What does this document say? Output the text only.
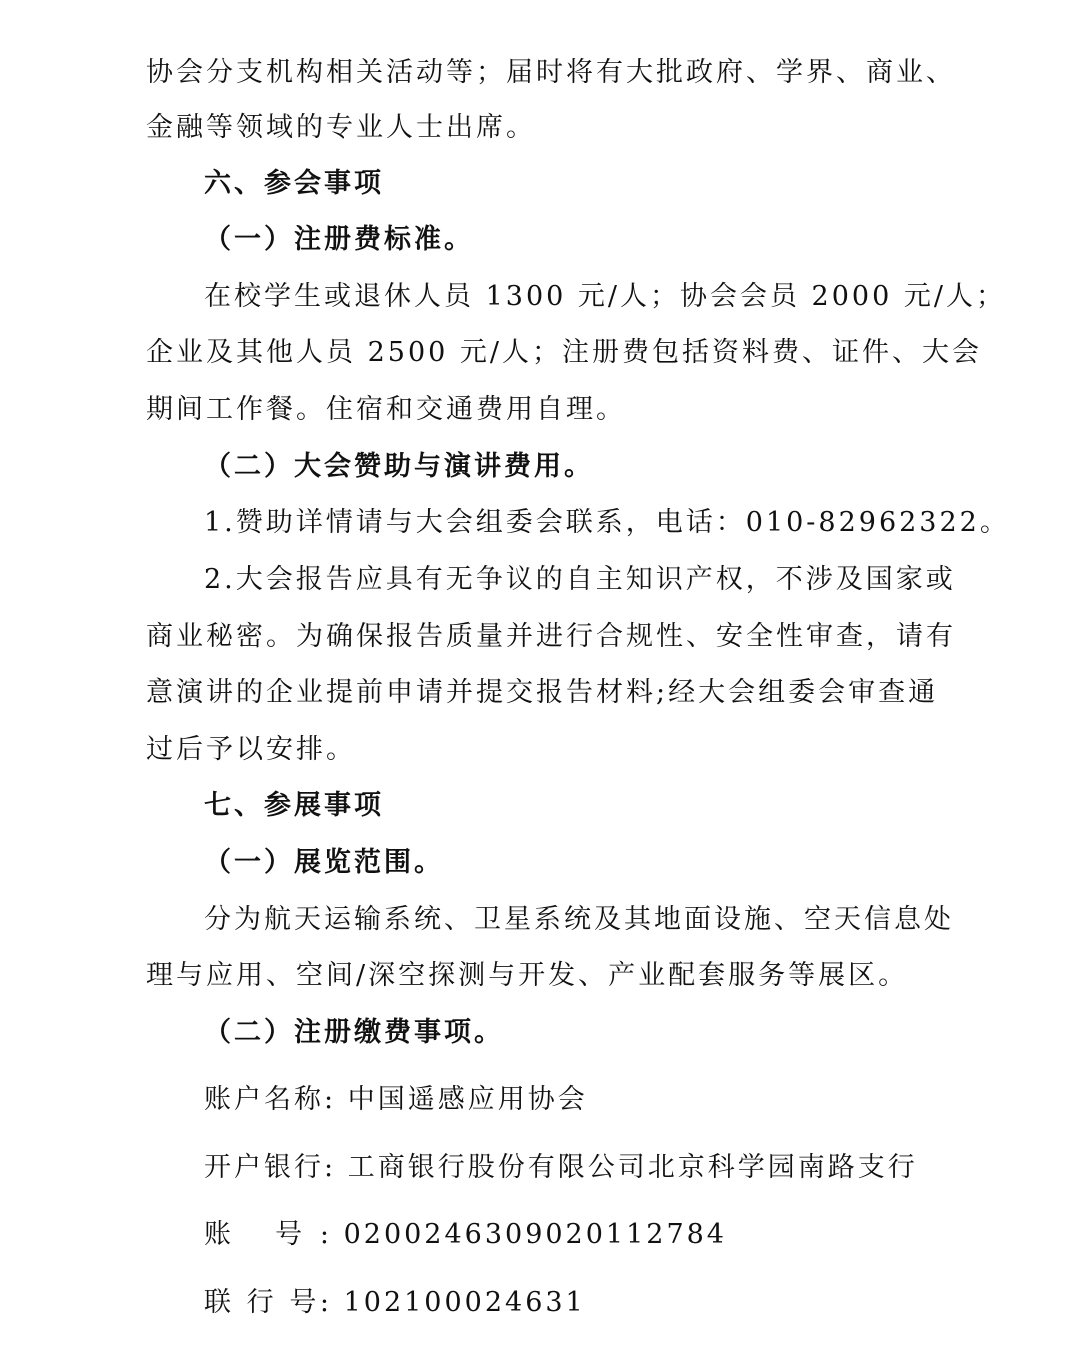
协会分支机构相关活动等；届时将有大批政府、学界、商业、
金融等领域的专业人士出席。
六、参会事项
（一）注册费标准。
在校学生或退休人员 1300 元/人；协会会员 2000 元/人；
企业及其他人员 2500 元/人；注册费包括资料费、证件、大会
期间工作餐。住宿和交通费用自理。
（二）大会赞助与演讲费用。
1.赞助详情请与大会组委会联系，电话：010-82962322。
2.大会报告应具有无争议的自主知识产权，不涉及国家或
商业秘密。为确保报告质量并进行合规性、安全性审查，请有
意演讲的企业提前申请并提交报告材料;经大会组委会审查通
过后予以安排。
七、参展事项
（一）展览范围。
分为航天运输系统、卫星系统及其地面设施、空天信息处
理与应用、空间/深空探测与开发、产业配套服务等展区。
（二）注册缴费事项。
账户名称: 中国遥感应用协会
开户银行: 工商银行股份有限公司北京科学园南路支行
账 号: 0200246309020112784
联 行 号: 102100024631
